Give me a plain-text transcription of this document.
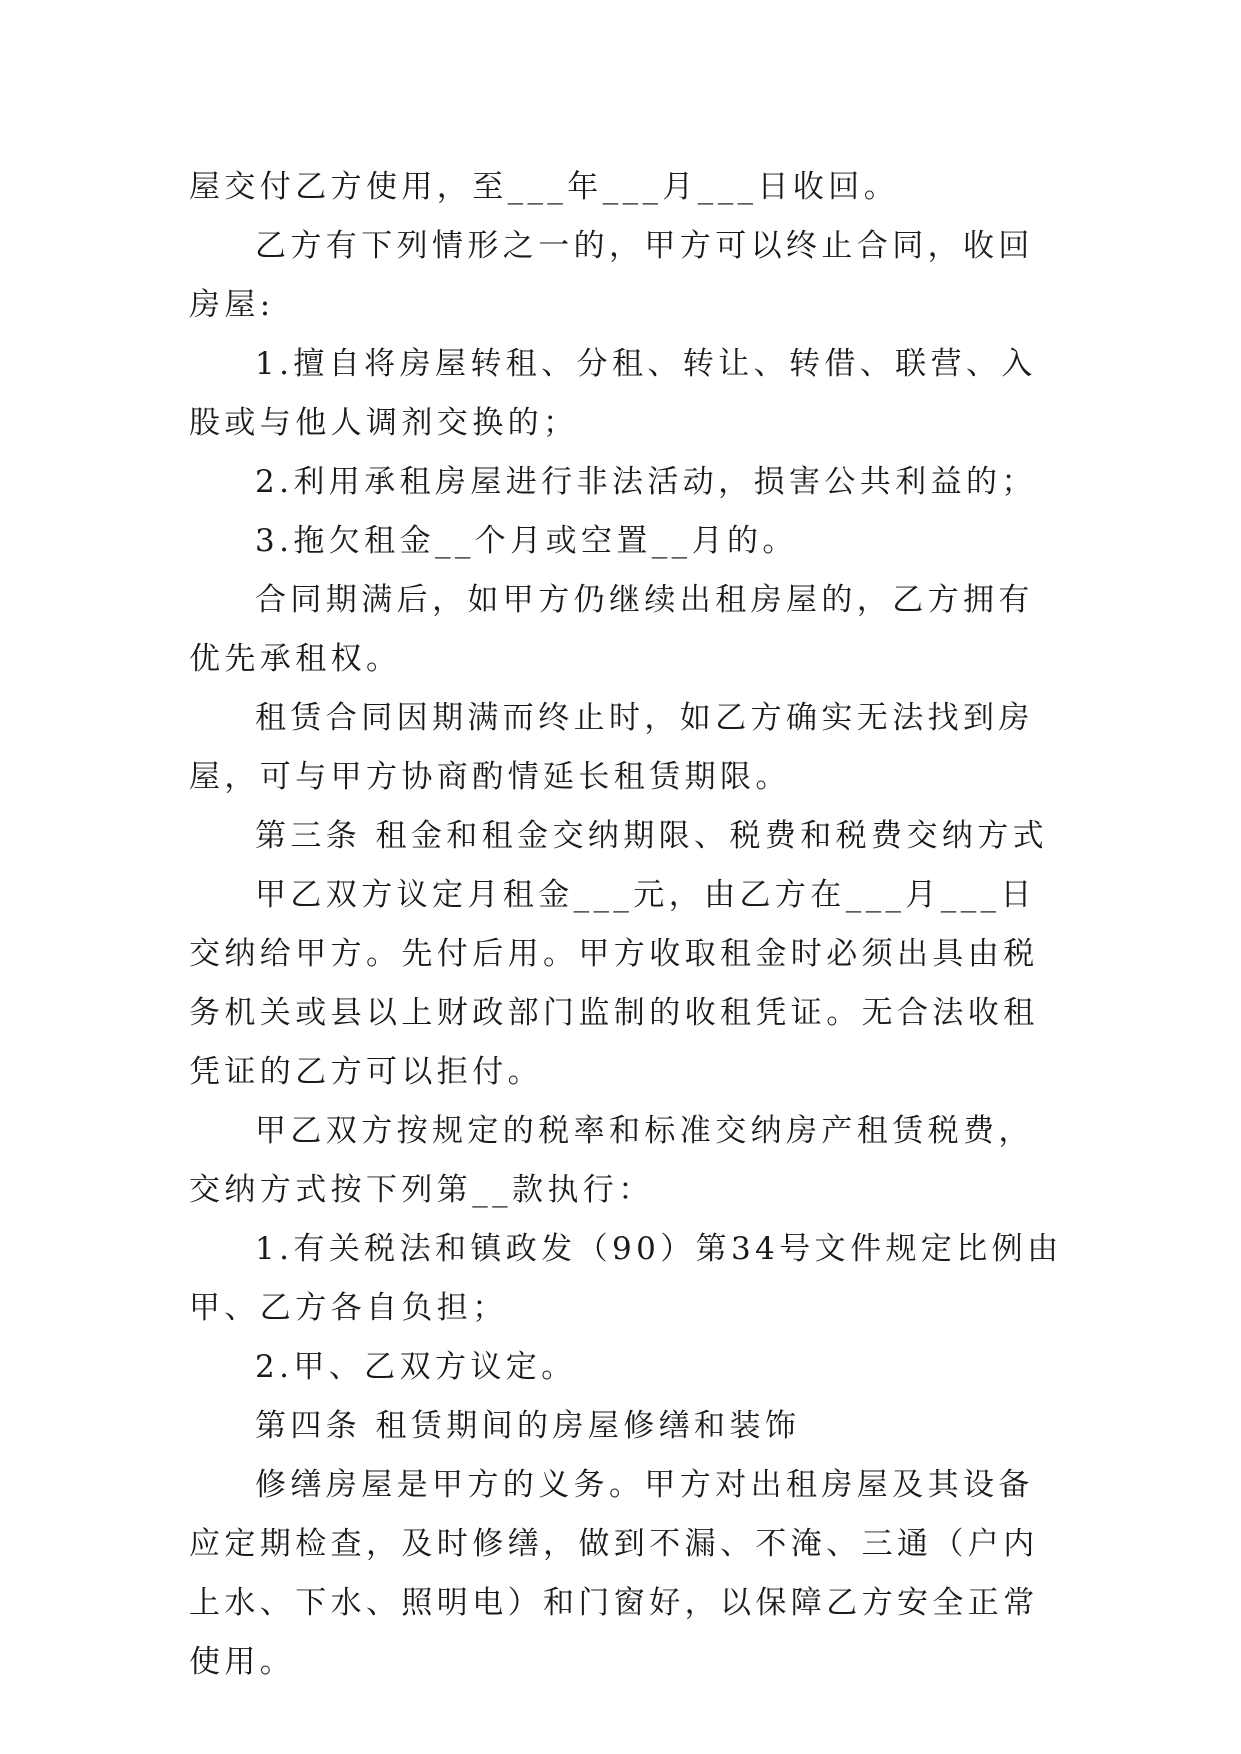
屋交付乙方使用，至___年___月___日收回。

乙方有下列情形之一的，甲方可以终止合同，收回房屋:

1.擅自将房屋转租、分租、转让、转借、联营、入股或与他人调剂交换的；

2.利用承租房屋进行非法活动，损害公共利益的；

3.拖欠租金__个月或空置__月的。

合同期满后，如甲方仍继续出租房屋的，乙方拥有优先承租权。

租赁合同因期满而终止时，如乙方确实无法找到房屋，可与甲方协商酌情延长租赁期限。

第三条 租金和租金交纳期限、税费和税费交纳方式

甲乙双方议定月租金___元，由乙方在___月___日交纳给甲方。先付后用。甲方收取租金时必须出具由税务机关或县以上财政部门监制的收租凭证。无合法收租凭证的乙方可以拒付。

甲乙双方按规定的税率和标准交纳房产租赁税费，交纳方式按下列第__款执行：

1.有关税法和镇政发（90）第34号文件规定比例由甲、乙方各自负担；

2.甲、乙双方议定。

第四条 租赁期间的房屋修缮和装饰

修缮房屋是甲方的义务。甲方对出租房屋及其设备应定期检查，及时修缮，做到不漏、不淹、三通（户内上水、下水、照明电）和门窗好，以保障乙方安全正常使用。
